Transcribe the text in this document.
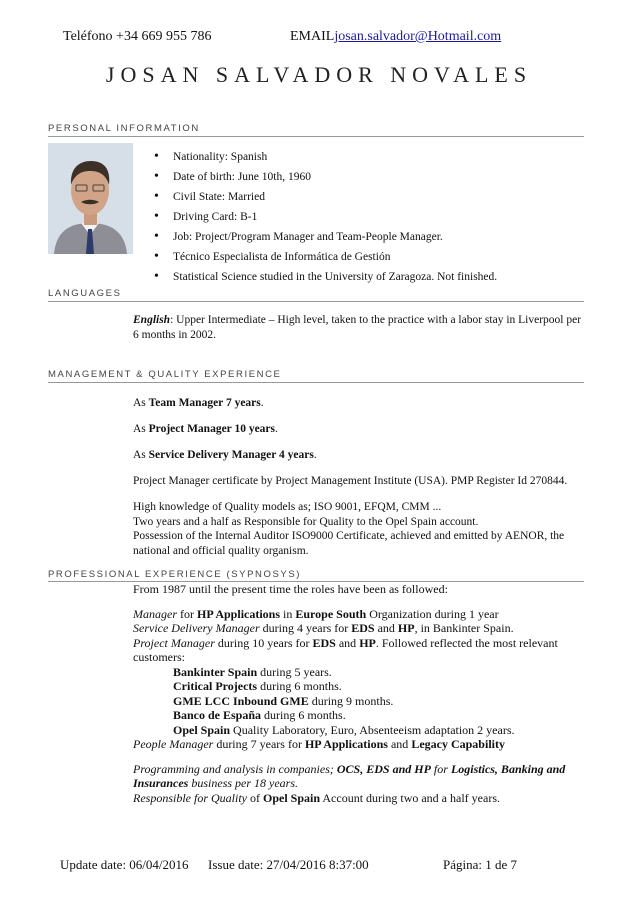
Teléfono +34 669 955 786	EMAILjosan.salvador@Hotmail.com
JOSAN SALVADOR NOVALES
PERSONAL INFORMATION
• Nationality: Spanish
• Date of birth: June 10th, 1960
• Civil State: Married
• Driving Card: B-1
• Job: Project/Program Manager and Team-People Manager.
• Técnico Especialista de Informática de Gestión
• Statistical Science studied in the University of Zaragoza. Not finished.
LANGUAGES
English: Upper Intermediate – High level, taken to the practice with a labor stay in Liverpool per 6 months in 2002.
MANAGEMENT & QUALITY EXPERIENCE
As Team Manager 7 years.
As Project Manager 10 years.
As Service Delivery Manager 4 years.
Project Manager certificate by Project Management Institute (USA). PMP Register Id 270844.
High knowledge of Quality models as; ISO 9001, EFQM, CMM ...
Two years and a half as Responsible for Quality to the Opel Spain account.
Possession of the Internal Auditor ISO9000 Certificate, achieved and emitted by AENOR, the national and official quality organism.
PROFESSIONAL EXPERIENCE (SYPNOSYS)
From 1987 until the present time the roles have been as followed:
Manager for HP Applications in Europe South Organization during 1 year
Service Delivery Manager during 4 years for EDS and HP, in Bankinter Spain.
Project Manager during 10 years for EDS and HP. Followed reflected the most relevant customers:
Bankinter Spain during 5 years.
Critical Projects during 6 months.
GME LCC Inbound GME during 9 months.
Banco de España during 6 months.
Opel Spain Quality Laboratory, Euro, Absenteeism adaptation 2 years.
People Manager during 7 years for HP Applications and Legacy Capability
Programming and analysis in companies; OCS, EDS and HP for Logistics, Banking and Insurances business per 18 years.
Responsible for Quality of Opel Spain Account during two and a half years.
Update date: 06/04/2016 Issue date: 27/04/2016 8:37:00	Página: 1 de 7
